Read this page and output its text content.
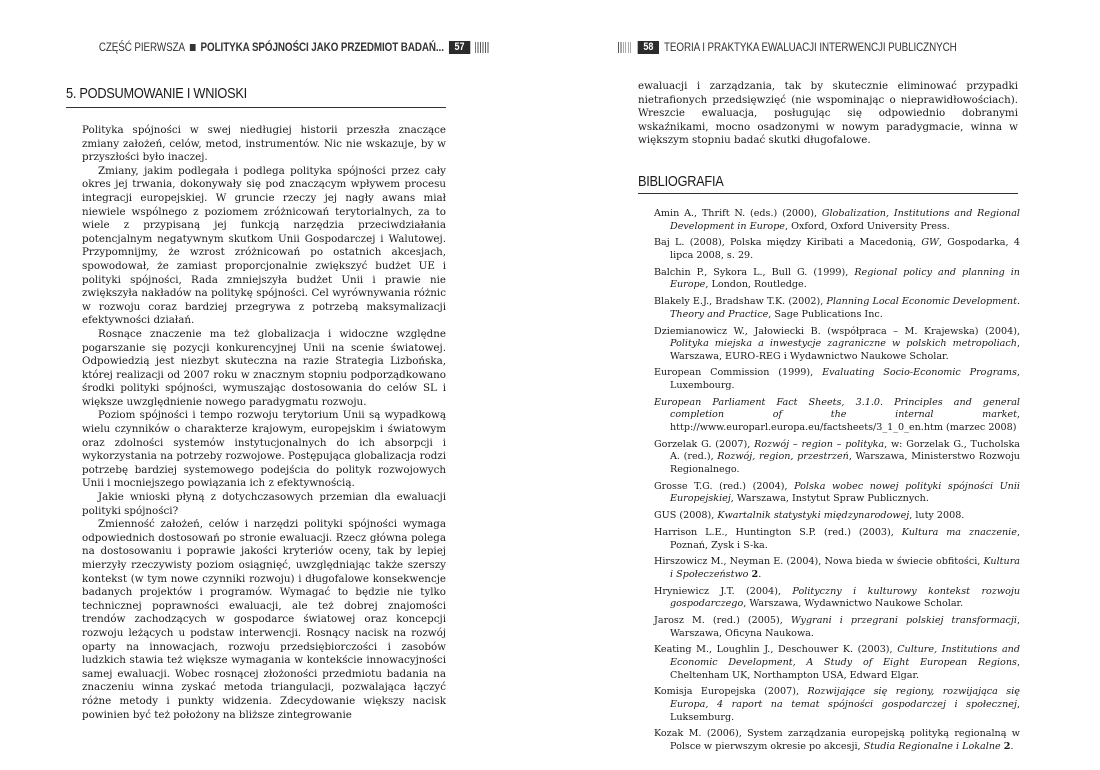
CZĘŚĆ PIERWSZA POLITYKA SPÓJNOŚCI JAKO PRZEDMIOT BADAŃ... 57
5. PODSUMOWANIE I WNIOSKI

Polityka spójności w swej niedługiej historii przeszła znaczące zmiany założeń, celów, metod, instrumentów. Nic nie wskazuje, by w przyszłości było inaczej.

Zmiany, jakim podlegała i podlega polityka spójności przez cały okres jej trwania, dokonywały się pod znaczącym wpływem procesu integracji europejskiej. W gruncie rzeczy jej nagły awans miał niewiele wspólnego z poziomem zróżnicowań terytorialnych, za to wiele z przypisaną jej funkcją narzędzia przeciwdziałania potencjalnym negatywnym skutkom Unii Gospodarczej i Walutowej. Przypomnijmy, że wzrost zróżnicowań po ostatnich akcesjach, spowodował, że zamiast proporcjonalnie zwiększyć budżet UE i polityki spójności, Rada zmniejszyła budżet Unii i prawie nie zwiększyła nakładów na politykę spójności. Cel wyrównywania różnic w rozwoju coraz bardziej przegrywa z potrzebą maksymalizacji efektywności działań.

Rosnące znaczenie ma też globalizacja i widoczne względne pogarszanie się pozycji konkurencyjnej Unii na scenie światowej. Odpowiedzią jest niezbyt skuteczna na razie Strategia Lizbońska, której realizacji od 2007 roku w znacznym stopniu podporządkowano środki polityki spójności, wymuszając dostosowania do celów SL i większe uwzględnienie nowego paradygmatu rozwoju.

Poziom spójności i tempo rozwoju terytorium Unii są wypadkową wielu czynników o charakterze krajowym, europejskim i światowym oraz zdolności systemów instytucjonalnych do ich absorpcji i wykorzystania na potrzeby rozwojowe. Postępująca globalizacja rodzi potrzebę bardziej systemowego podejścia do polityk rozwojowych Unii i mocniejszego powiązania ich z efektywnością.

Jakie wnioski płyną z dotychczasowych przemian dla ewaluacji polityki spójności?

Zmienność założeń, celów i narzędzi polityki spójności wymaga odpowiednich dostosowań po stronie ewaluacji. Rzecz główna polega na dostosowaniu i poprawie jakości kryteriów oceny, tak by lepiej mierzyły rzeczywisty poziom osiągnięć, uwzględniając także szerszy kontekst (w tym nowe czynniki rozwoju) i długofalowe konsekwencje badanych projektów i programów. Wymagać to będzie nie tylko technicznej poprawności ewaluacji, ale też dobrej znajomości trendów zachodzących w gospodarce światowej oraz koncepcji rozwoju leżących u podstaw interwencji. Rosnący nacisk na rozwój oparty na innowacjach, rozwoju przedsiębiorczości i zasobów ludzkich stawia też większe wymagania w kontekście innowacyjności samej ewaluacji. Wobec rosnącej złożoności przedmiotu badania na znaczeniu winna zyskać metoda triangulacji, pozwalająca łączyć różne metody i punkty widzenia. Zdecydowanie większy nacisk powinien być też położony na bliższe zintegrowanie

58 TEORIA I PRAKTYKA EWALUACJI INTERWENCJI PUBLICZNYCH
ewaluacji i zarządzania, tak by skutecznie eliminować przypadki nietrafionych przedsięwzięć (nie wspominając o nieprawidłowościach). Wreszcie ewaluacja, posługując się odpowiednio dobranymi wskaźnikami, mocno osadzonymi w nowym paradygmacie, winna w większym stopniu badać skutki długofalowe.
BIBLIOGRAFIA
Amin A., Thrift N. (eds.) (2000), Globalization, Institutions and Regional Development in Europe, Oxford, Oxford University Press.
Baj L. (2008), Polska między Kiribati a Macedonią, GW, Gospodarka, 4 lipca 2008, s. 29.
Balchin P., Sykora L., Bull G. (1999), Regional policy and planning in Europe, London, Routledge.
Blakely E.J., Bradshaw T.K. (2002), Planning Local Economic Development. Theory and Practice, Sage Publications Inc.
Dziemianowicz W., Jałowiecki B. (współpraca – M. Krajewska) (2004), Polityka miejska a inwestycje zagraniczne w polskich metropoliach, Warszawa, EURO-REG i Wydawnictwo Naukowe Scholar.
European Commission (1999), Evaluating Socio-Economic Programs, Luxembourg.
European Parliament Fact Sheets, 3.1.0. Principles and general completion of the internal market, http://www.europarl.europa.eu/factsheets/3_1_0_en.htm (marzec 2008)
Gorzelak G. (2007), Rozwój – region – polityka, w: Gorzelak G., Tucholska A. (red.), Rozwój, region, przestrzeń, Warszawa, Ministerstwo Rozwoju Regionalnego.
Grosse T.G. (red.) (2004), Polska wobec nowej polityki spójności Unii Europejskiej, Warszawa, Instytut Spraw Publicznych.
GUS (2008), Kwartalnik statystyki międzynarodowej, luty 2008.
Harrison L.E., Huntington S.P. (red.) (2003), Kultura ma znaczenie, Poznań, Zysk i S-ka.
Hirszowicz M., Neyman E. (2004), Nowa bieda w świecie obfitości, Kultura i Społeczeństwo 2.
Hryniewicz J.T. (2004), Polityczny i kulturowy kontekst rozwoju gospodarczego, Warszawa, Wydawnictwo Naukowe Scholar.
Jarosz M. (red.) (2005), Wygrani i przegrani polskiej transformacji, Warszawa, Oficyna Naukowa.
Keating M., Loughlin J., Deschouwer K. (2003), Culture, Institutions and Economic Development, A Study of Eight European Regions, Cheltenham UK, Northampton USA, Edward Elgar.
Komisja Europejska (2007), Rozwijające się regiony, rozwijająca się Europa, 4 raport na temat spójności gospodarczej i społecznej, Luksemburg.
Kozak M. (2006), System zarządzania europejską polityką regionalną w Polsce w pierwszym okresie po akcesji, Studia Regionalne i Lokalne 2.
